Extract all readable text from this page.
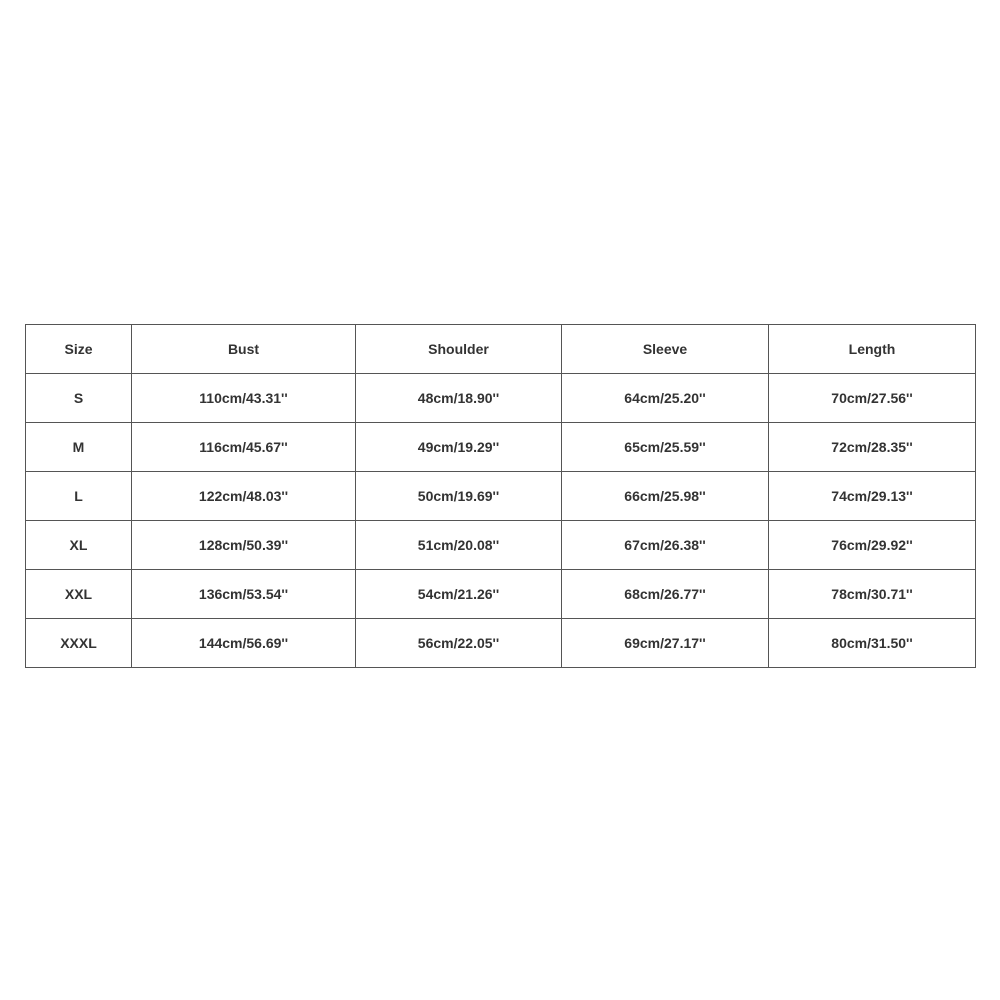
Size	Bust	Shoulder	Sleeve	Length
S	110cm/43.31''	48cm/18.90''	64cm/25.20''	70cm/27.56''
M	116cm/45.67''	49cm/19.29''	65cm/25.59''	72cm/28.35''
L	122cm/48.03''	50cm/19.69''	66cm/25.98''	74cm/29.13''
XL	128cm/50.39''	51cm/20.08''	67cm/26.38''	76cm/29.92''
XXL	136cm/53.54''	54cm/21.26''	68cm/26.77''	78cm/30.71''
XXXL	144cm/56.69''	56cm/22.05''	69cm/27.17''	80cm/31.50''
